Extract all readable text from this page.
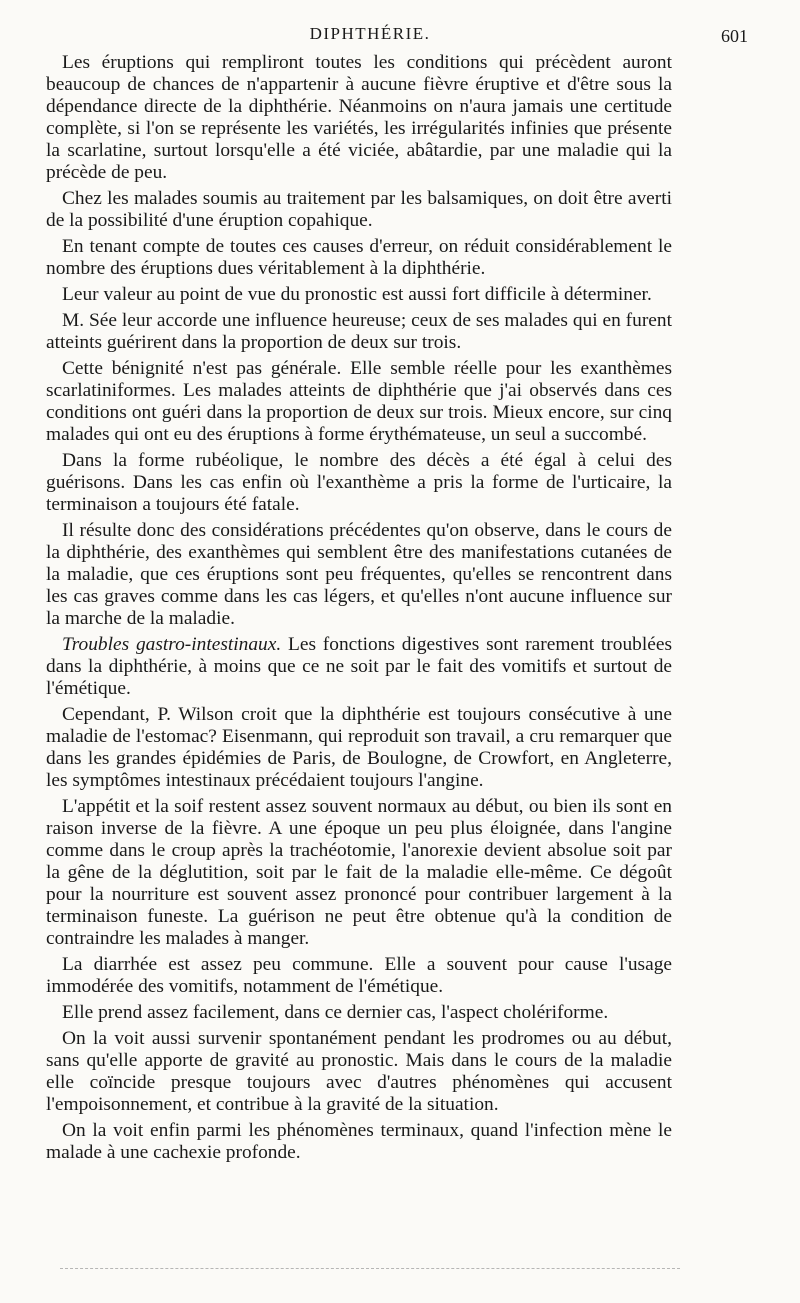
DIPHTHÉRIE.	601

Les éruptions qui rempliront toutes les conditions qui précèdent auront beaucoup de chances de n'appartenir à aucune fièvre éruptive et d'être sous la dépendance directe de la diphthérie. Néanmoins on n'aura jamais une certitude complète, si l'on se représente les variétés, les irrégularités infinies que présente la scarlatine, surtout lorsqu'elle a été viciée, abâtardie, par une maladie qui la précède de peu.

Chez les malades soumis au traitement par les balsamiques, on doit être averti de la possibilité d'une éruption copahique.

En tenant compte de toutes ces causes d'erreur, on réduit considérablement le nombre des éruptions dues véritablement à la diphthérie.

Leur valeur au point de vue du pronostic est aussi fort difficile à déterminer.

M. Sée leur accorde une influence heureuse; ceux de ses malades qui en furent atteints guérirent dans la proportion de deux sur trois.

Cette bénignité n'est pas générale. Elle semble réelle pour les exanthèmes scarlatiniformes. Les malades atteints de diphthérie que j'ai observés dans ces conditions ont guéri dans la proportion de deux sur trois. Mieux encore, sur cinq malades qui ont eu des éruptions à forme érythémateuse, un seul a succombé.

Dans la forme rubéolique, le nombre des décès a été égal à celui des guérisons. Dans les cas enfin où l'exanthème a pris la forme de l'urticaire, la terminaison a toujours été fatale.

Il résulte donc des considérations précédentes qu'on observe, dans le cours de la diphthérie, des exanthèmes qui semblent être des manifestations cutanées de la maladie, que ces éruptions sont peu fréquentes, qu'elles se rencontrent dans les cas graves comme dans les cas légers, et qu'elles n'ont aucune influence sur la marche de la maladie.

Troubles gastro-intestinaux. Les fonctions digestives sont rarement troublées dans la diphthérie, à moins que ce ne soit par le fait des vomitifs et surtout de l'émétique.

Cependant, P. Wilson croit que la diphthérie est toujours consécutive à une maladie de l'estomac? Eisenmann, qui reproduit son travail, a cru remarquer que dans les grandes épidémies de Paris, de Boulogne, de Crowfort, en Angleterre, les symptômes intestinaux précédaient toujours l'angine.

L'appétit et la soif restent assez souvent normaux au début, ou bien ils sont en raison inverse de la fièvre. A une époque un peu plus éloignée, dans l'angine comme dans le croup après la trachéotomie, l'anorexie devient absolue soit par la gêne de la déglutition, soit par le fait de la maladie elle-même. Ce dégoût pour la nourriture est souvent assez prononcé pour contribuer largement à la terminaison funeste. La guérison ne peut être obtenue qu'à la condition de contraindre les malades à manger.

La diarrhée est assez peu commune. Elle a souvent pour cause l'usage immodérée des vomitifs, notamment de l'émétique.

Elle prend assez facilement, dans ce dernier cas, l'aspect cholériforme.

On la voit aussi survenir spontanément pendant les prodromes ou au début, sans qu'elle apporte de gravité au pronostic. Mais dans le cours de la maladie elle coïncide presque toujours avec d'autres phénomènes qui accusent l'empoisonnement, et contribue à la gravité de la situation.

On la voit enfin parmi les phénomènes terminaux, quand l'infection mène le malade à une cachexie profonde.
